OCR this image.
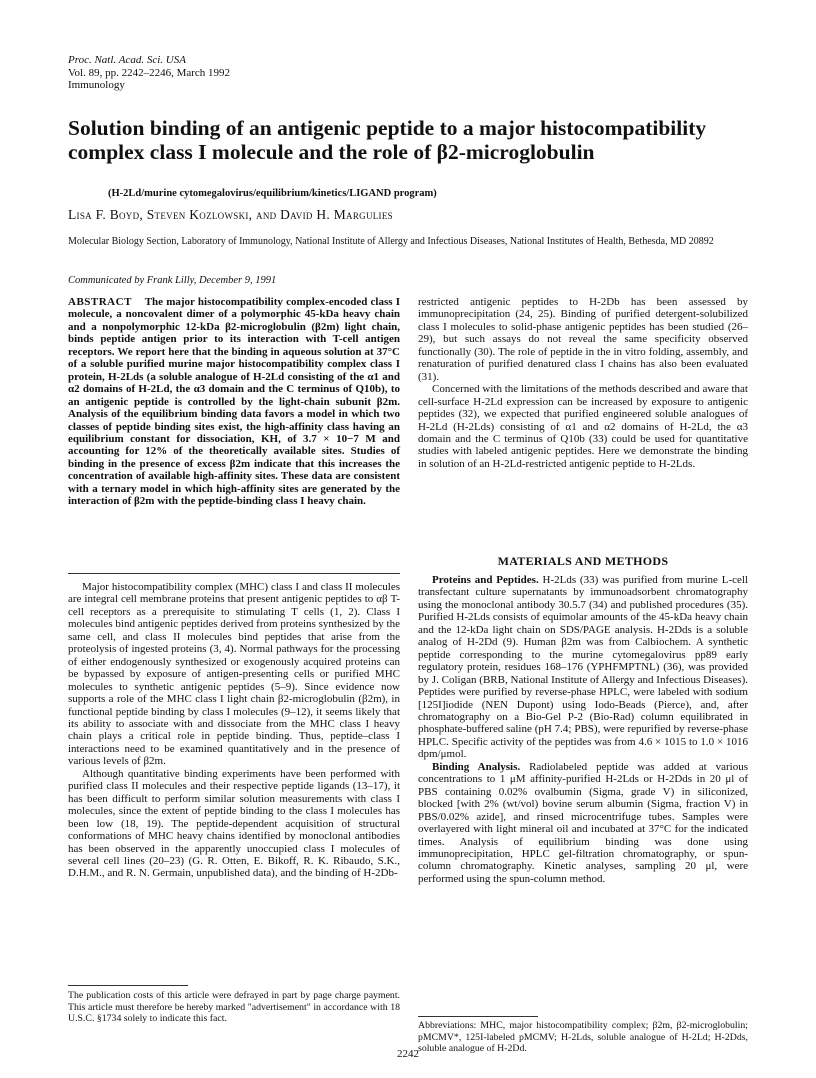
Proc. Natl. Acad. Sci. USA
Vol. 89, pp. 2242–2246, March 1992
Immunology
Solution binding of an antigenic peptide to a major histocompatibility complex class I molecule and the role of β2-microglobulin
(H-2Ld/murine cytomegalovirus/equilibrium/kinetics/LIGAND program)
Lisa F. Boyd, Steven Kozlowski, and David H. Margulies
Molecular Biology Section, Laboratory of Immunology, National Institute of Allergy and Infectious Diseases, National Institutes of Health, Bethesda, MD 20892
Communicated by Frank Lilly, December 9, 1991

ABSTRACT The major histocompatibility complex-encoded class I molecule, a noncovalent dimer of a polymorphic 45-kDa heavy chain and a nonpolymorphic 12-kDa β2-microglobulin (β2m) light chain, binds peptide antigen prior to its interaction with T-cell antigen receptors. We report here that the binding in aqueous solution at 37°C of a soluble purified murine major histocompatibility complex class I protein, H-2Lds (a soluble analogue of H-2Ld consisting of the α1 and α2 domains of H-2Ld, the α3 domain and the C terminus of Q10b), to an antigenic peptide is controlled by the light-chain subunit β2m. Analysis of the equilibrium binding data favors a model in which two classes of peptide binding sites exist, the high-affinity class having an equilibrium constant for dissociation, KH, of 3.7 × 10−7 M and accounting for 12% of the theoretically available sites. Studies of binding in the presence of excess β2m indicate that this increases the concentration of available high-affinity sites. These data are consistent with a ternary model in which high-affinity sites are generated by the interaction of β2m with the peptide-binding class I heavy chain.

Major histocompatibility complex (MHC) class I and class II molecules are integral cell membrane proteins that present antigenic peptides to αβ T-cell receptors as a prerequisite to stimulating T cells (1, 2). Class I molecules bind antigenic peptides derived from proteins synthesized by the same cell, and class II molecules bind peptides that arise from the proteolysis of ingested proteins (3, 4). Normal pathways for the processing of either endogenously synthesized or exogenously acquired proteins can be bypassed by exposure of antigen-presenting cells or purified MHC molecules to synthetic antigenic peptides (5–9). Since evidence now supports a role of the MHC class I light chain β2-microglobulin (β2m), in functional peptide binding by class I molecules (9–12), it seems likely that its ability to associate with and dissociate from the MHC class I heavy chain plays a critical role in peptide binding. Thus, peptide–class I interactions need to be examined quantitatively and in the presence of various levels of β2m.

Although quantitative binding experiments have been performed with purified class II molecules and their respective peptide ligands (13–17), it has been difficult to perform similar solution measurements with class I molecules, since the extent of peptide binding to the class I molecules has been low (18, 19). The peptide-dependent acquisition of structural conformations of MHC heavy chains identified by monoclonal antibodies has been observed in the apparently unoccupied class I molecules of several cell lines (20–23) (G. R. Otten, E. Bikoff, R. K. Ribaudo, S.K., D.H.M., and R. N. Germain, unpublished data), and the binding of H-2Db-

restricted antigenic peptides to H-2Db has been assessed by immunoprecipitation (24, 25). Binding of purified detergent-solubilized class I molecules to solid-phase antigenic peptides has been studied (26–29), but such assays do not reveal the same specificity observed functionally (30). The role of peptide in the in vitro folding, assembly, and renaturation of purified denatured class I chains has also been evaluated (31).

Concerned with the limitations of the methods described and aware that cell-surface H-2Ld expression can be increased by exposure to antigenic peptides (32), we expected that purified engineered soluble analogues of H-2Ld (H-2Lds) consisting of α1 and α2 domains of H-2Ld, the α3 domain and the C terminus of Q10b (33) could be used for quantitative studies with labeled antigenic peptides. Here we demonstrate the binding in solution of an H-2Ld-restricted antigenic peptide to H-2Lds.

MATERIALS AND METHODS

Proteins and Peptides. H-2Lds (33) was purified from murine L-cell transfectant culture supernatants by immunoadsorbent chromatography using the monoclonal antibody 30.5.7 (34) and published procedures (35). Purified H-2Lds consists of equimolar amounts of the 45-kDa heavy chain and the 12-kDa light chain on SDS/PAGE analysis. H-2Dds is a soluble analog of H-2Dd (9). Human β2m was from Calbiochem. A synthetic peptide corresponding to the murine cytomegalovirus pp89 early regulatory protein, residues 168–176 (YPHFMPTNL) (36), was provided by J. Coligan (BRB, National Institute of Allergy and Infectious Diseases). Peptides were purified by reverse-phase HPLC, were labeled with sodium [125I]iodide (NEN Dupont) using Iodo-Beads (Pierce), and, after chromatography on a Bio-Gel P-2 (Bio-Rad) column equilibrated in phosphate-buffered saline (pH 7.4; PBS), were repurified by reverse-phase HPLC. Specific activity of the peptides was from 4.6 × 1015 to 1.0 × 1016 dpm/μmol.

Binding Analysis. Radiolabeled peptide was added at various concentrations to 1 μM affinity-purified H-2Lds or H-2Dds in 20 μl of PBS containing 0.02% ovalbumin (Sigma, grade V) in siliconized, blocked [with 2% (wt/vol) bovine serum albumin (Sigma, fraction V) in PBS/0.02% azide], and rinsed microcentrifuge tubes. Samples were overlayered with light mineral oil and incubated at 37°C for the indicated times. Analysis of equilibrium binding was done using immunoprecipitation, HPLC gel-filtration chromatography, or spun-column chromatography. Kinetic analyses, sampling 20 μl, were performed using the spun-column method.

The publication costs of this article were defrayed in part by page charge payment. This article must therefore be hereby marked "advertisement" in accordance with 18 U.S.C. §1734 solely to indicate this fact.
Abbreviations: MHC, major histocompatibility complex; β2m, β2-microglobulin; pMCMV*, 125I-labeled pMCMV; H-2Lds, soluble analogue of H-2Ld; H-2Dds, soluble analogue of H-2Dd.
2242
